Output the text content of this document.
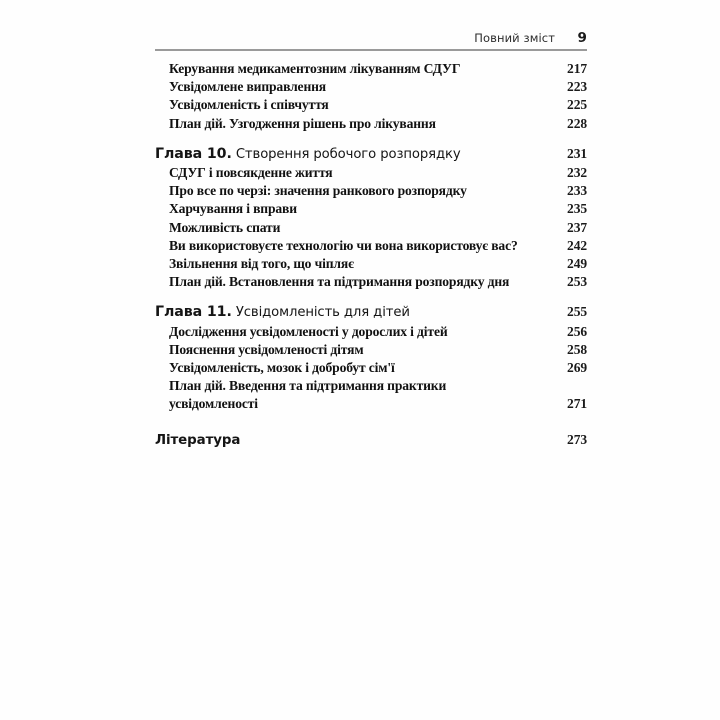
Повний зміст	9
Керування медикаментозним лікуванням СДУГ	217
Усвідомлене виправлення	223
Усвідомленість і співчуття	225
План дій. Узгодження рішень про лікування	228
Глава 10. Створення робочого розпорядку	231
СДУГ і повсякденне життя	232
Про все по черзі: значення ранкового розпорядку	233
Харчування і вправи	235
Можливість спати	237
Ви використовуєте технологію чи вона використовує вас?	242
Звільнення від того, що чіпляє	249
План дій. Встановлення та підтримання розпорядку дня	253
Глава 11. Усвідомленість для дітей	255
Дослідження усвідомленості у дорослих і дітей	256
Пояснення усвідомленості дітям	258
Усвідомленість, мозок і добробут сім'ї	269
План дій. Введення та підтримання практики
усвідомленості	271
Література	273
